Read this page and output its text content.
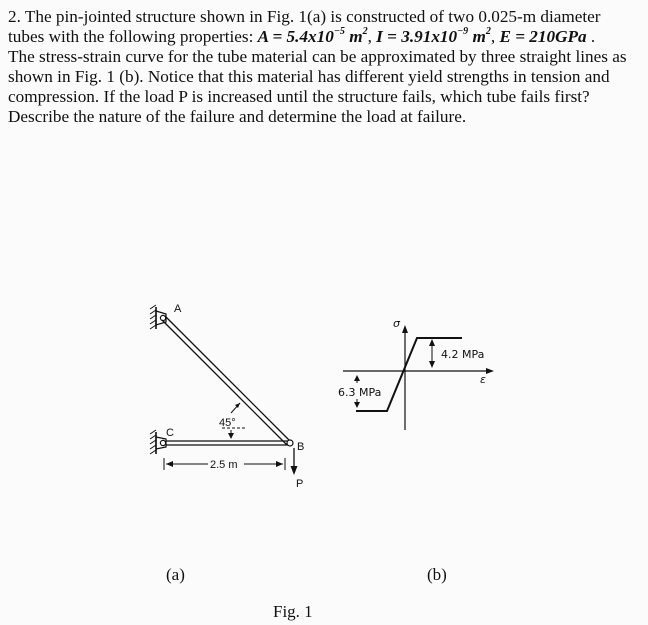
2. The pin-jointed structure shown in Fig. 1(a) is constructed of two 0.025-m diameter

tubes with the following properties: $A = 5.4x10^{-5}$ $m^2$, $I = 3.91x10^{-9}$ $m^2$, E = 210GPa .

The stress-strain curve for the tube material can be approximated by three straight lines as shown in Fig. 1 (b). Notice that this material has different yield strengths in tension and compression. If the load P is increased until the structure fails, which tube fails first? Describe the nature of the failure and determine the load at failure.

A
C
B
P
45°
2.5 m
(a)
σ
ε
4.2 MPa
6.3 MPa
(b)
Fig. 1
